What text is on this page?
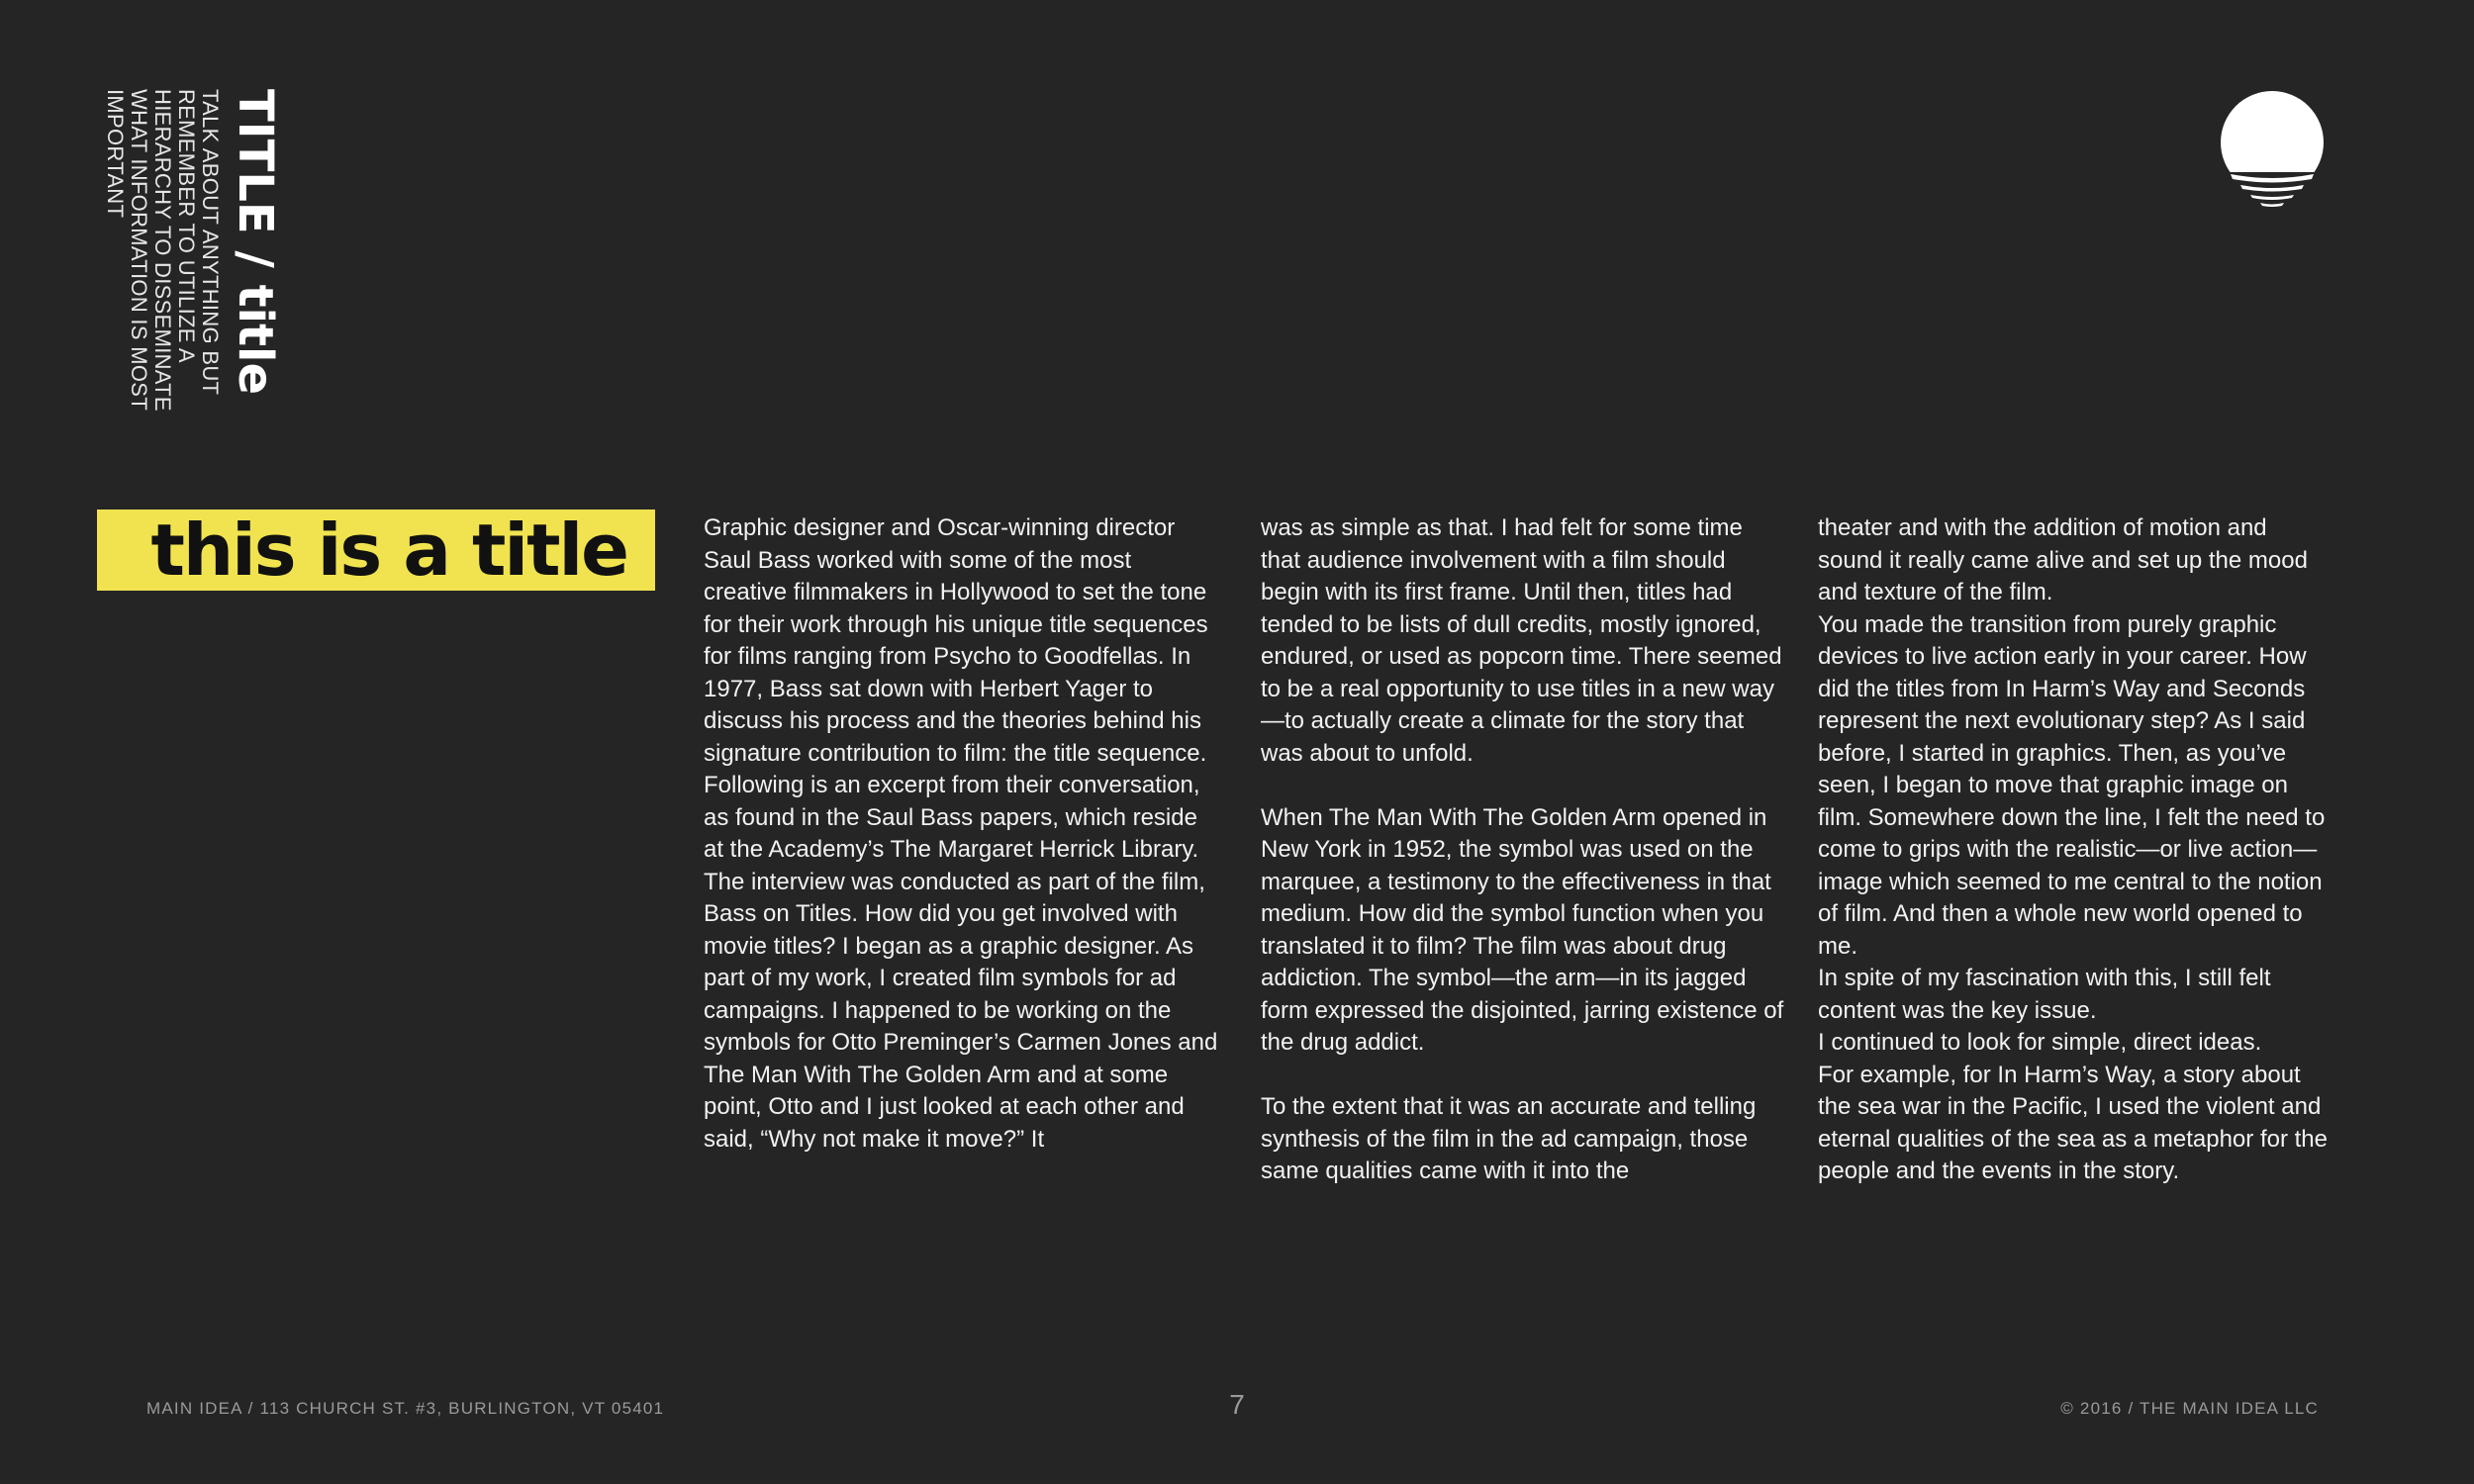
TITLE / title
TALK ABOUT ANYTHING BUT REMEMBER TO UTILIZE A HIERARCHY TO DISSEMINATE WHAT INFORMATION IS MOST IMPORTANT
this is a title	Graphic designer and Oscar-winning director Saul Bass worked with some of the most creative filmmakers in Hollywood to set the tone for their work through his unique title sequences for films ranging from Psycho to Goodfellas. In 1977, Bass sat down with Herbert Yager to discuss his process and the theories behind his signature contribution to film: the title sequence. Following is an excerpt from their conversation, as found in the Saul Bass papers, which reside at the Academy’s The Margaret Herrick Library. The interview was conducted as part of the film, Bass on Titles. How did you get involved with movie titles? I began as a graphic designer. As part of my work, I created film symbols for ad campaigns. I happened to be working on the symbols for Otto Preminger’s Carmen Jones and The Man With The Golden Arm and at some point, Otto and I just looked at each other and said, “Why not make it move?” It

was as simple as that. I had felt for some time that audience involvement with a film should begin with its first frame. Until then, titles had tended to be lists of dull credits, mostly ignored, endured, or used as popcorn time. There seemed to be a real opportunity to use titles in a new way—to actually create a climate for the story that was about to unfold.

When The Man With The Golden Arm opened in New York in 1952, the symbol was used on the marquee, a testimony to the effectiveness in that medium. How did the symbol function when you translated it to film? The film was about drug addiction. The symbol—the arm—in its jagged form expressed the disjointed, jarring existence of the drug addict.

To the extent that it was an accurate and telling synthesis of the film in the ad campaign, those same qualities came with it into the

theater and with the addition of motion and sound it really came alive and set up the mood and texture of the film.

You made the transition from purely graphic devices to live action early in your career. How did the titles from In Harm’s Way and Seconds represent the next evolutionary step? As I said before, I started in graphics. Then, as you’ve seen, I began to move that graphic image on film. Somewhere down the line, I felt the need to come to grips with the realistic—or live action—image which seemed to me central to the notion of film. And then a whole new world opened to me.

In spite of my fascination with this, I still felt content was the key issue.

I continued to look for simple, direct ideas.

For example, for In Harm’s Way, a story about the sea war in the Pacific, I used the violent and eternal qualities of the sea as a metaphor for the people and the events in the story.

MAIN IDEA / 113 CHURCH ST. #3, BURLINGTON, VT 05401	7	© 2016 / THE MAIN IDEA LLC
